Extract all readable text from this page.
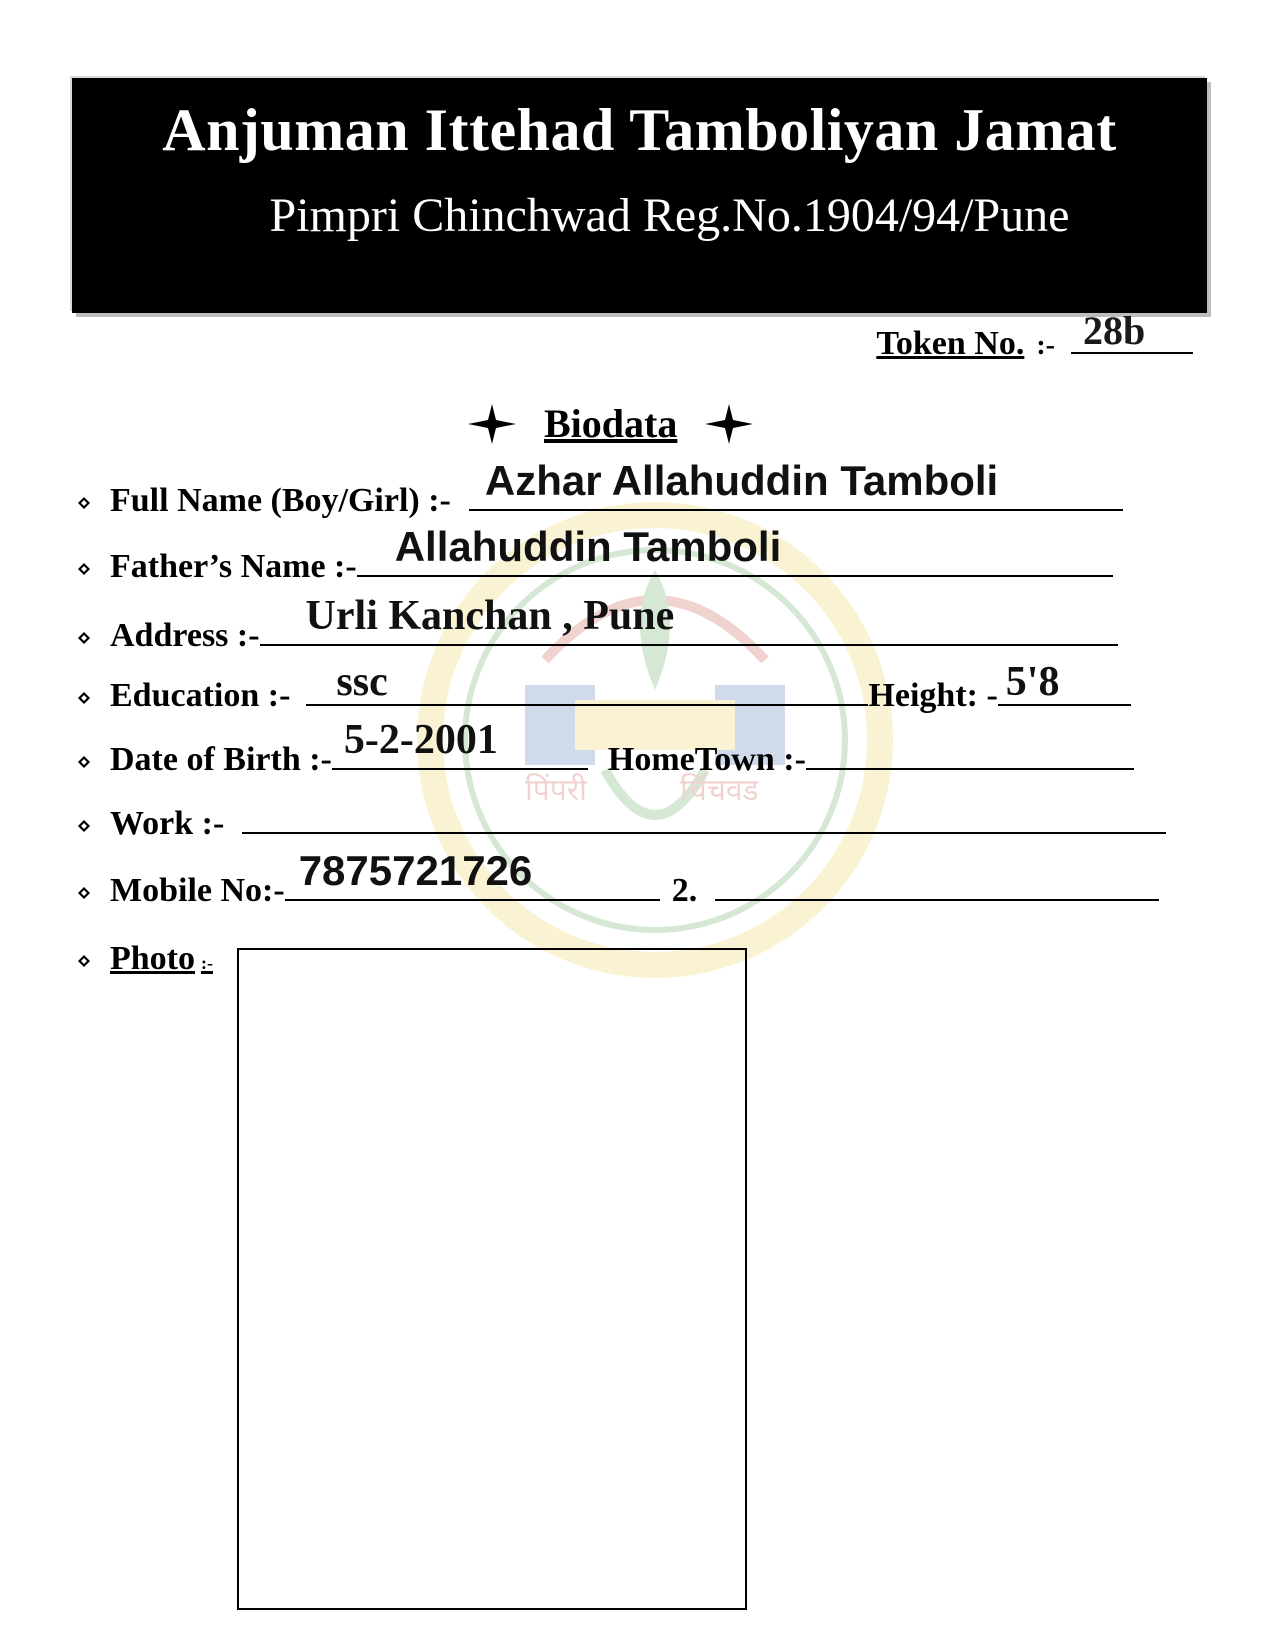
Anjuman Ittehad Tamboliyan Jamat
Pimpri Chinchwad Reg.No.1904/94/Pune
पिंपरी	चिंचवड
Token No. :- 28b
Biodata
Full Name (Boy/Girl) :- Azhar Allahuddin Tamboli
Father’s Name :- Allahuddin Tamboli
Address :- Urli Kanchan , Pune
Education :- ssc	Height: - 5'8
Date of Birth :- 5-2-2001	HomeTown :-
Work :-
Mobile No:- 7875721726	2.
Photo :-
